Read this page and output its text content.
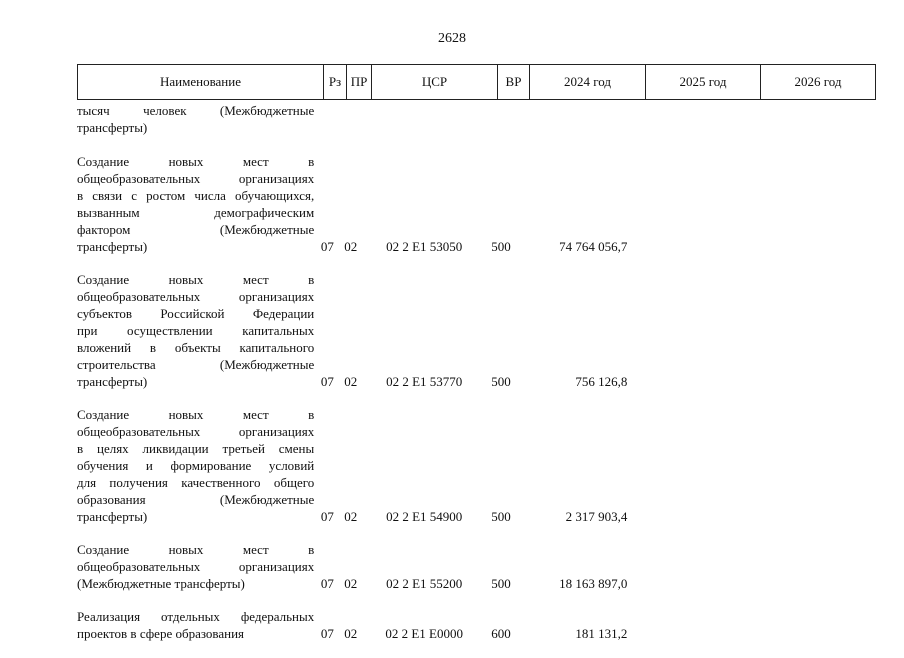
2628
Наименование	Рз	ПР	ЦСР	ВР	2024 год	2025 год	2026 год
тысяч человек (Межбюджетные
трансферты)
Создание новых мест в
общеобразовательных организациях
в связи с ростом числа обучающихся,
вызванным демографическим
фактором (Межбюджетные
трансферты)	07 02	02 2 E1 53050	500	74 764 056,7
Создание новых мест в
общеобразовательных организациях
субъектов Российской Федерации
при осуществлении капитальных
вложений в объекты капитального
строительства (Межбюджетные
трансферты)	07 02	02 2 E1 53770	500	756 126,8
Создание новых мест в
общеобразовательных организациях
в целях ликвидации третьей смены
обучения и формирование условий
для получения качественного общего
образования (Межбюджетные
трансферты)	07 02	02 2 E1 54900	500	2 317 903,4
Создание новых мест в
общеобразовательных организациях
(Межбюджетные трансферты)	07 02	02 2 E1 55200	500	18 163 897,0
Реализация отдельных федеральных
проектов в сфере образования	07 02	02 2 E1 E0000	600	181 131,2
